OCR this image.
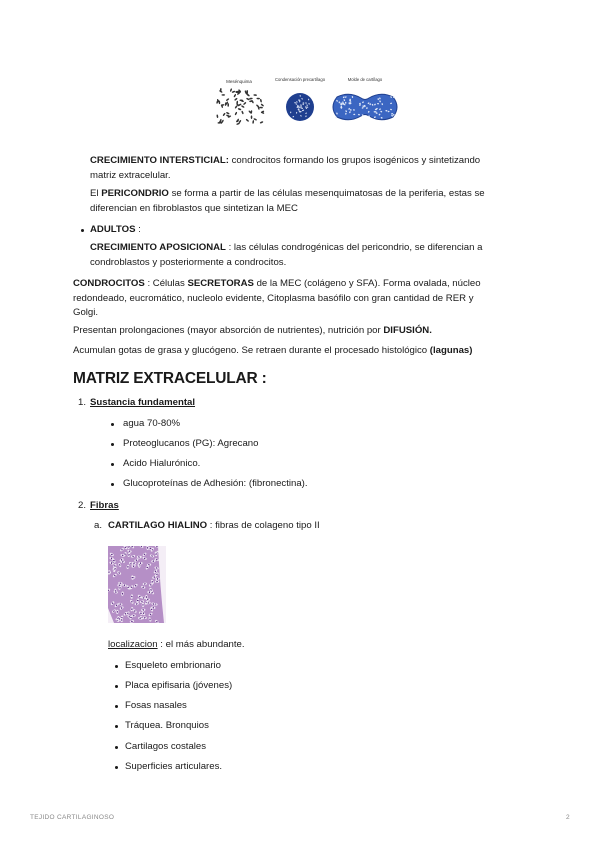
Mesénquima	Condensación precartílago	Molde de cartílago

CRECIMIENTO INTERSTICIAL: condrocitos formando los grupos isogénicos y sintetizando

matriz extracelular.

El PERICONDRIO se forma a partir de las células mesenquimatosas de la periferia, estas se

diferencian en fibroblastos que sintetizan la MEC

ADULTOS :

CRECIMIENTO APOSICIONAL : las células condrogénicas del pericondrio, se diferencian a

condroblastos y posteriormente a condrocitos.

CONDROCITOS : Células SECRETORAS de la MEC (colágeno y SFA). Forma ovalada, núcleo

redondeado, eucromático, nucleolo evidente, Citoplasma basófilo con gran cantidad de RER y

Golgi.

Presentan prolongaciones (mayor absorción de nutrientes), nutrición por DIFUSIÓN.

Acumulan gotas de grasa y glucógeno. Se retraen durante el procesado histológico (lagunas)

MATRIZ EXTRACELULAR :
1. Sustancia fundamental
agua 70-80%
Proteoglucanos (PG): Agrecano
Acido Hialurónico.
Glucoproteínas de Adhesión: (fibronectina).
2. Fibras
a. CARTILAGO HIALINO : fibras de colageno tipo II
localizacion : el más abundante.
Esqueleto embrionario
Placa epifisaria (jóvenes)
Fosas nasales
Tráquea. Bronquios
Cartilagos costales
Superficies articulares.
TEJIDO CARTILAGINOSO	2
